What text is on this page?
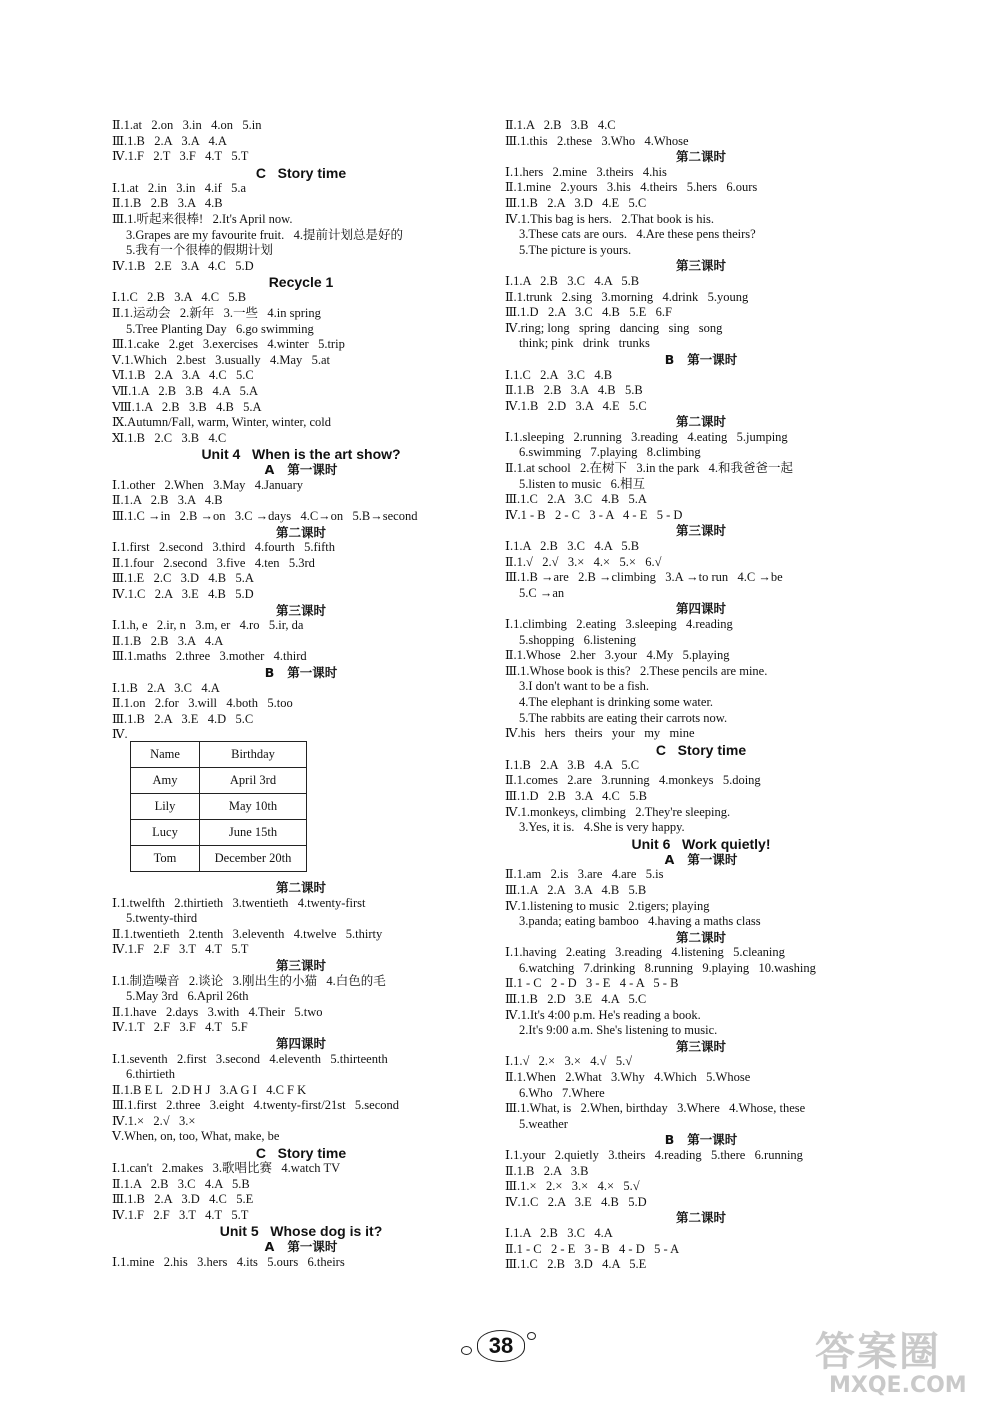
Ⅱ.1.at   2.on   3.in   4.on   5.in
Ⅲ.1.B   2.A   3.A   4.A
Ⅳ.1.F   2.T   3.F   4.T   5.T
C   Story time
Ⅰ.1.at   2.in   3.in   4.if   5.a
Ⅱ.1.B   2.B   3.A   4.B
Ⅲ.1.听起来很棒!   2.It's April now.
3.Grapes are my favourite fruit.   4.提前计划总是好的
5.我有一个很棒的假期计划
Ⅳ.1.B   2.E   3.A   4.C   5.D
Recycle 1
Ⅰ.1.C   2.B   3.A   4.C   5.B
Ⅱ.1.运动会   2.新年   3.一些   4.in spring
5.Tree Planting Day   6.go swimming
Ⅲ.1.cake   2.get   3.exercises   4.winter   5.trip
Ⅴ.1.Which   2.best   3.usually   4.May   5.at
Ⅵ.1.B   2.A   3.A   4.C   5.C
Ⅶ.1.A   2.B   3.B   4.A   5.A
Ⅷ.1.A   2.B   3.B   4.B   5.A
Ⅸ.Autumn/Fall, warm, Winter, winter, cold
Ⅺ.1.B   2.C   3.B   4.C
Unit 4   When is the art show?
A   第一课时
Ⅰ.1.other   2.When   3.May   4.January
Ⅱ.1.A   2.B   3.A   4.B
Ⅲ.1.C →in   2.B →on   3.C →days   4.C→on   5.B→second
第二课时
Ⅰ.1.first   2.second   3.third   4.fourth   5.fifth
Ⅱ.1.four   2.second   3.five   4.ten   5.3rd
Ⅲ.1.E   2.C   3.D   4.B   5.A
Ⅳ.1.C   2.A   3.E   4.B   5.D
第三课时
Ⅰ.1.h, e   2.ir, n   3.m, er   4.ro   5.ir, da
Ⅱ.1.B   2.B   3.A   4.A
Ⅲ.1.maths   2.three   3.mother   4.third
B   第一课时
Ⅰ.1.B   2.A   3.C   4.A
Ⅱ.1.on   2.for   3.will   4.both   5.too
Ⅲ.1.B   2.A   3.E   4.D   5.C
Ⅳ.
Name	Birthday
Amy	April 3rd
Lily	May 10th
Lucy	June 15th
Tom	December 20th
第二课时
Ⅰ.1.twelfth   2.thirtieth   3.twentieth   4.twenty-first
5.twenty-third
Ⅱ.1.twentieth   2.tenth   3.eleventh   4.twelve   5.thirty
Ⅳ.1.F   2.F   3.T   4.T   5.T
第三课时
Ⅰ.1.制造噪音   2.谈论   3.刚出生的小猫   4.白色的毛
5.May 3rd   6.April 26th
Ⅱ.1.have   2.days   3.with   4.Their   5.two
Ⅳ.1.T   2.F   3.F   4.T   5.F
第四课时
Ⅰ.1.seventh   2.first   3.second   4.eleventh   5.thirteenth
6.thirtieth
Ⅱ.1.B E L   2.D H J   3.A G I   4.C F K
Ⅲ.1.first   2.three   3.eight   4.twenty-first/21st   5.second
Ⅳ.1.×   2.√   3.×
Ⅴ.When, on, too, What, make, be
C   Story time
Ⅰ.1.can't   2.makes   3.歌唱比赛   4.watch TV
Ⅱ.1.A   2.B   3.C   4.A   5.B
Ⅲ.1.B   2.A   3.D   4.C   5.E
Ⅳ.1.F   2.F   3.T   4.T   5.T
Unit 5   Whose dog is it?
A   第一课时
Ⅰ.1.mine   2.his   3.hers   4.its   5.ours   6.theirs
Ⅱ.1.A   2.B   3.B   4.C
Ⅲ.1.this   2.these   3.Who   4.Whose
第二课时
Ⅰ.1.hers   2.mine   3.theirs   4.his
Ⅱ.1.mine   2.yours   3.his   4.theirs   5.hers   6.ours
Ⅲ.1.B   2.A   3.D   4.E   5.C
Ⅳ.1.This bag is hers.   2.That book is his.
3.These cats are ours.   4.Are these pens theirs?
5.The picture is yours.
第三课时
Ⅰ.1.A   2.B   3.C   4.A   5.B
Ⅱ.1.trunk   2.sing   3.morning   4.drink   5.young
Ⅲ.1.D   2.A   3.C   4.B   5.E   6.F
Ⅳ.ring; long   spring   dancing   sing   song
think; pink   drink   trunks
B   第一课时
Ⅰ.1.C   2.A   3.C   4.B
Ⅱ.1.B   2.B   3.A   4.B   5.B
Ⅳ.1.B   2.D   3.A   4.E   5.C
第二课时
Ⅰ.1.sleeping   2.running   3.reading   4.eating   5.jumping
6.swimming   7.playing   8.climbing
Ⅱ.1.at school   2.在树下   3.in the park   4.和我爸爸一起
5.listen to music   6.相互
Ⅲ.1.C   2.A   3.C   4.B   5.A
Ⅳ.1 - B   2 - C   3 - A   4 - E   5 - D
第三课时
Ⅰ.1.A   2.B   3.C   4.A   5.B
Ⅱ.1.√   2.√   3.×   4.×   5.×   6.√
Ⅲ.1.B →are   2.B →climbing   3.A →to run   4.C →be
5.C →an
第四课时
Ⅰ.1.climbing   2.eating   3.sleeping   4.reading
5.shopping   6.listening
Ⅱ.1.Whose   2.her   3.your   4.My   5.playing
Ⅲ.1.Whose book is this?   2.These pencils are mine.
3.I don't want to be a fish.
4.The elephant is drinking some water.
5.The rabbits are eating their carrots now.
Ⅳ.his   hers   theirs   your   my   mine
C   Story time
Ⅰ.1.B   2.A   3.B   4.A   5.C
Ⅱ.1.comes   2.are   3.running   4.monkeys   5.doing
Ⅲ.1.D   2.B   3.A   4.C   5.B
Ⅳ.1.monkeys, climbing   2.They're sleeping.
3.Yes, it is.   4.She is very happy.
Unit 6   Work quietly!
A   第一课时
Ⅱ.1.am   2.is   3.are   4.are   5.is
Ⅲ.1.A   2.A   3.A   4.B   5.B
Ⅳ.1.listening to music   2.tigers; playing
3.panda; eating bamboo   4.having a maths class
第二课时
Ⅰ.1.having   2.eating   3.reading   4.listening   5.cleaning
6.watching   7.drinking   8.running   9.playing   10.washing
Ⅱ.1 - C   2 - D   3 - E   4 - A   5 - B
Ⅲ.1.B   2.D   3.E   4.A   5.C
Ⅳ.1.It's 4:00 p.m. He's reading a book.
2.It's 9:00 a.m. She's listening to music.
第三课时
Ⅰ.1.√   2.×   3.×   4.√   5.√
Ⅱ.1.When   2.What   3.Why   4.Which   5.Whose
6.Who   7.Where
Ⅲ.1.What, is   2.When, birthday   3.Where   4.Whose, these
5.weather
B   第一课时
Ⅰ.1.your   2.quietly   3.theirs   4.reading   5.there   6.running
Ⅱ.1.B   2.A   3.B
Ⅲ.1.×   2.×   3.×   4.×   5.√
Ⅳ.1.C   2.A   3.E   4.B   5.D
第二课时
Ⅰ.1.A   2.B   3.C   4.A
Ⅱ.1 - C   2 - E   3 - B   4 - D   5 - A
Ⅲ.1.C   2.B   3.D   4.A   5.E
38	答案圈
MXQE.COM
